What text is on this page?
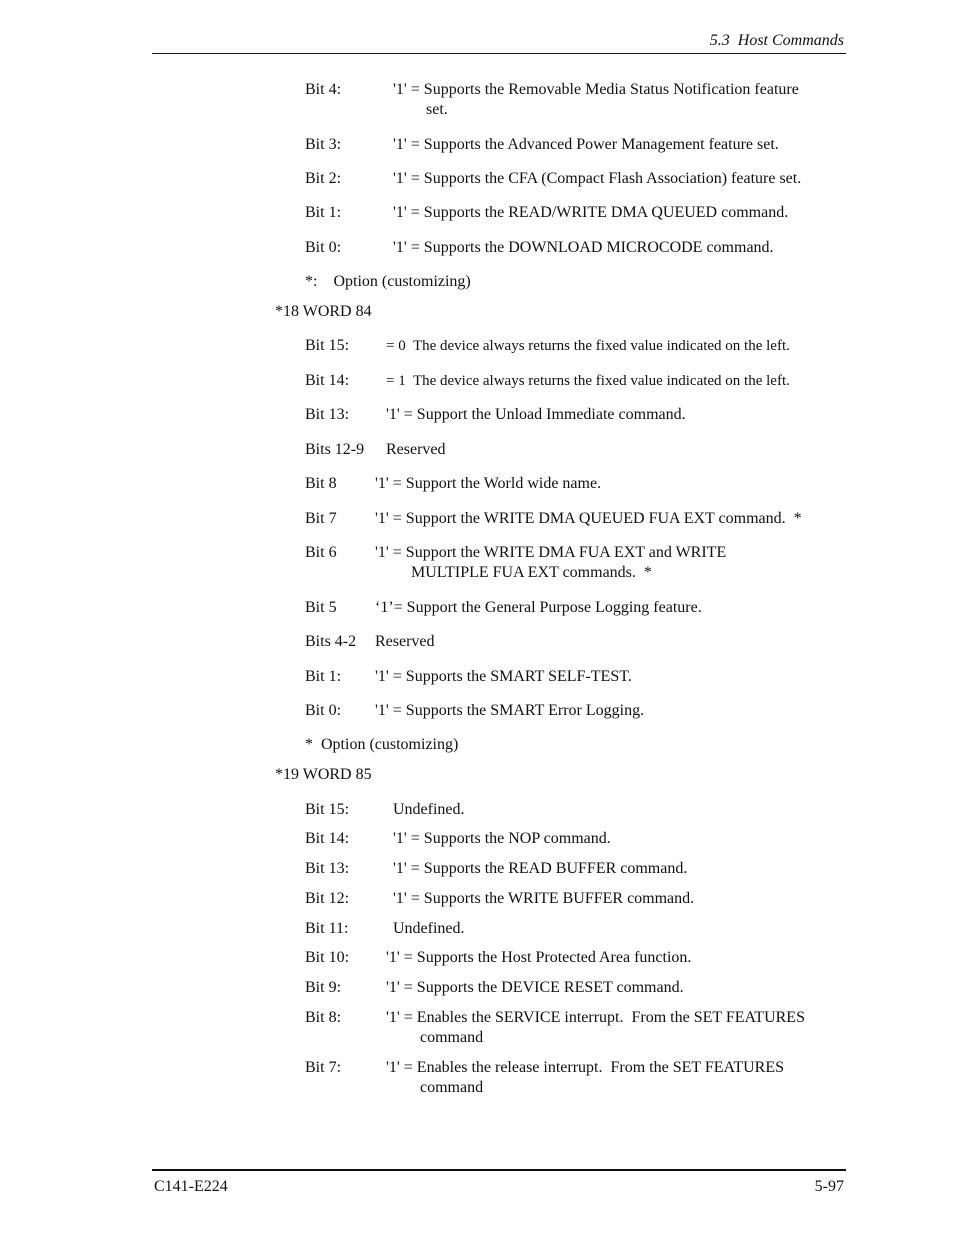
5.3 Host Commands
Bit 4:	'1' = Supports the Removable Media Status Notification feature
set.
Bit 3:	'1' = Supports the Advanced Power Management feature set.
Bit 2:	'1' = Supports the CFA (Compact Flash Association) feature set.
Bit 1:	'1' = Supports the READ/WRITE DMA QUEUED command.
Bit 0:	'1' = Supports the DOWNLOAD MICROCODE command.
*:    Option (customizing)
*18 WORD 84
Bit 15: = 0  The device always returns the fixed value indicated on the left.
Bit 14: = 1  The device always returns the fixed value indicated on the left.
Bit 13: '1' = Support the Unload Immediate command.
Bits 12-9 Reserved
Bit 8 '1' = Support the World wide name.
Bit 7 '1' = Support the WRITE DMA QUEUED FUA EXT command.  *
Bit 6 '1' = Support the WRITE DMA FUA EXT and WRITE
MULTIPLE FUA EXT commands.  *
Bit 5 ‘1’= Support the General Purpose Logging feature.
Bits 4-2 Reserved
Bit 1: '1' = Supports the SMART SELF-TEST.
Bit 0: '1' = Supports the SMART Error Logging.
*  Option (customizing)
*19 WORD 85
Bit 15:	Undefined.
Bit 14:	'1' = Supports the NOP command.
Bit 13:	'1' = Supports the READ BUFFER command.
Bit 12:	'1' = Supports the WRITE BUFFER command.
Bit 11:	Undefined.
Bit 10: '1' = Supports the Host Protected Area function.
Bit 9:	'1' = Supports the DEVICE RESET command.
Bit 8:	'1' = Enables the SERVICE interrupt.  From the SET FEATURES
command
Bit 7:	'1' = Enables the release interrupt.  From the SET FEATURES
command
C141-E224	5-97
